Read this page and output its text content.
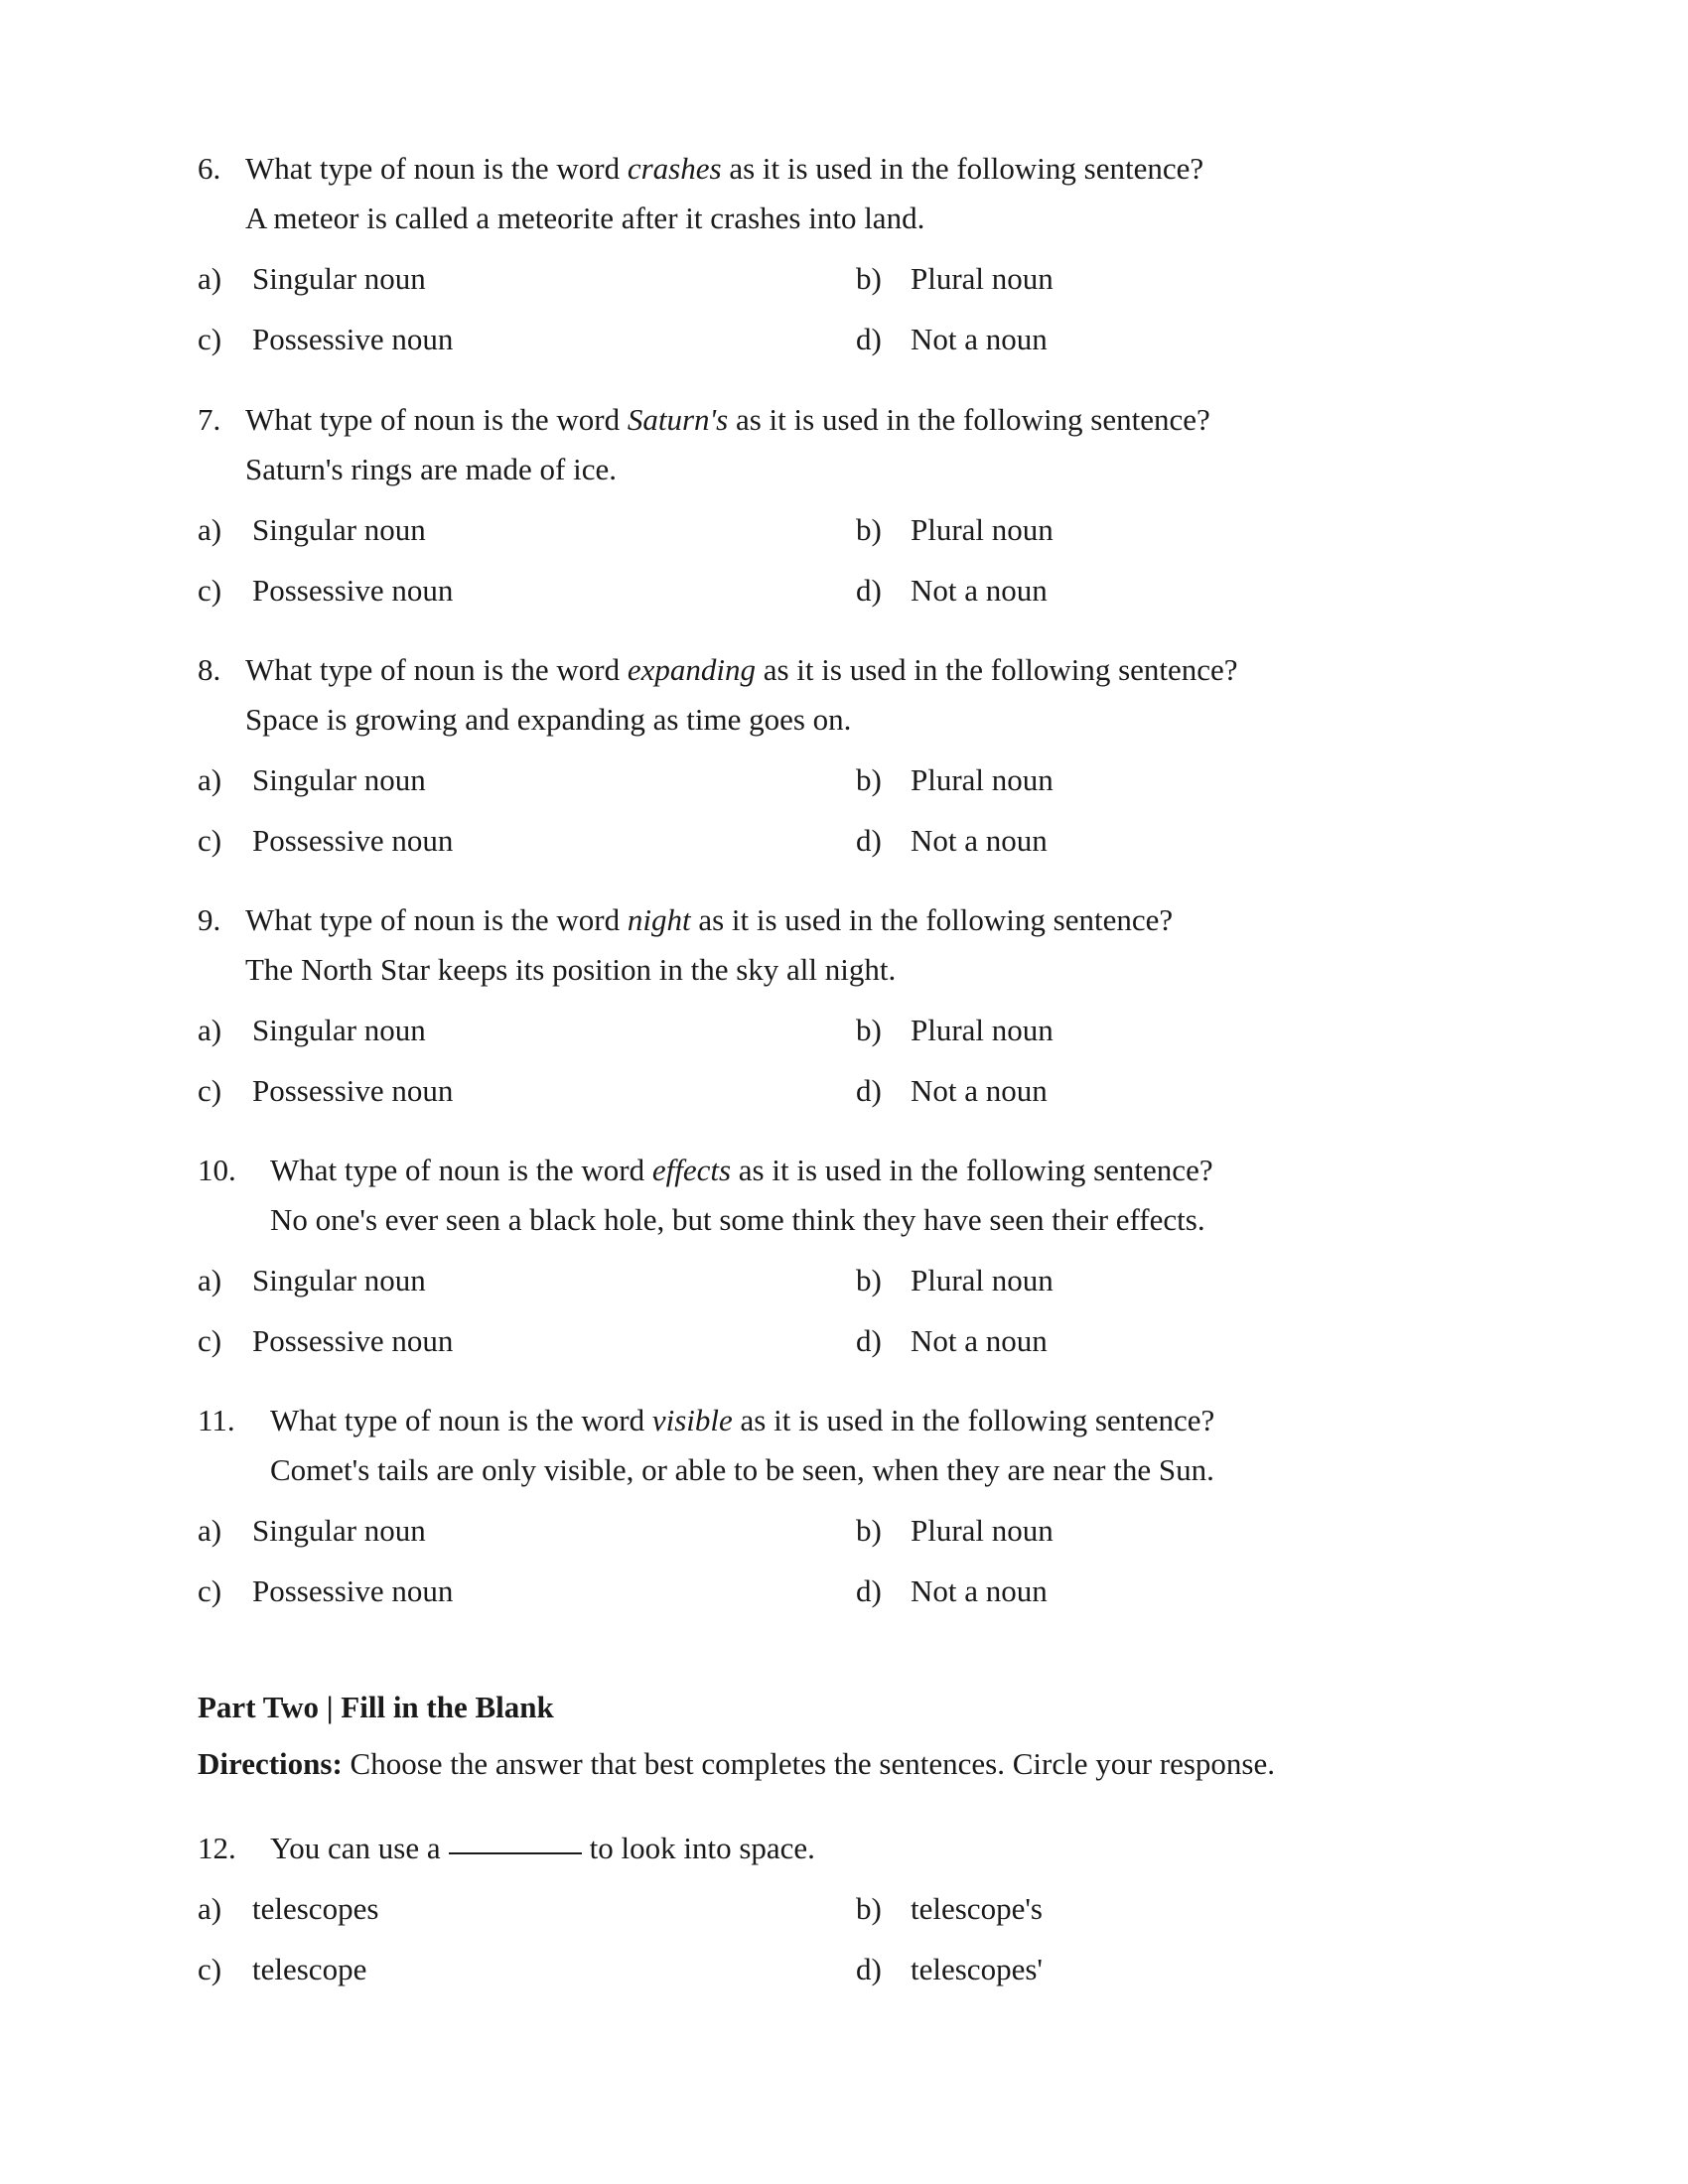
6. What type of noun is the word crashes as it is used in the following sentence?
A meteor is called a meteorite after it crashes into land.
a) Singular noun	b) Plural noun
c) Possessive noun	d) Not a noun
7. What type of noun is the word Saturn's as it is used in the following sentence?
Saturn's rings are made of ice.
a) Singular noun	b) Plural noun
c) Possessive noun	d) Not a noun
8. What type of noun is the word expanding as it is used in the following sentence?
Space is growing and expanding as time goes on.
a) Singular noun	b) Plural noun
c) Possessive noun	d) Not a noun
9. What type of noun is the word night as it is used in the following sentence?
The North Star keeps its position in the sky all night.
a) Singular noun	b) Plural noun
c) Possessive noun	d) Not a noun
10.	What type of noun is the word effects as it is used in the following sentence?
No one's ever seen a black hole, but some think they have seen their effects.
a) Singular noun	b) Plural noun
c) Possessive noun	d) Not a noun
11.	What type of noun is the word visible as it is used in the following sentence?
Comet's tails are only visible, or able to be seen, when they are near the Sun.
a) Singular noun	b) Plural noun
c) Possessive noun	d) Not a noun
Part Two | Fill in the Blank
Directions: Choose the answer that best completes the sentences. Circle your response.
12.	You can use a	to look into space.
a) telescopes	b) telescope's
c) telescope	d) telescopes'
